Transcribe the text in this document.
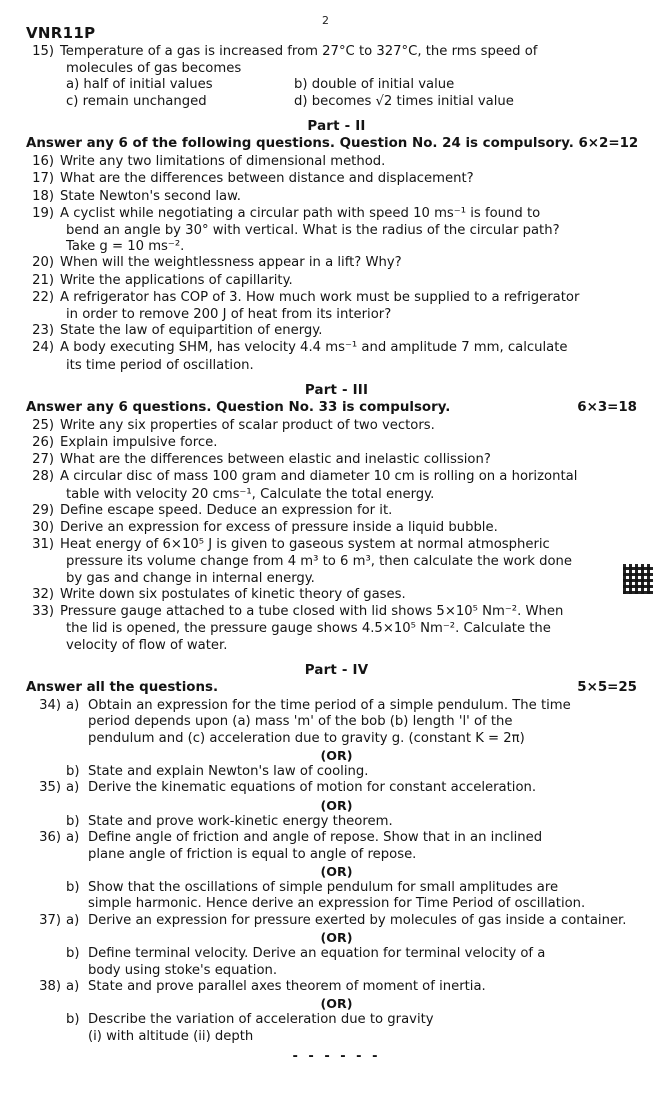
VNR11P
2
15) Temperature of a gas is increased from 27°C to 327°C, the rms speed of
molecules of gas becomes
a) half of initial values	b) double of initial value
c) remain unchanged	d) becomes √2 times initial value
Part - II
Answer any 6 of the following questions. Question No. 24 is compulsory. 6×2=12
16) Write any two limitations of dimensional method.
17) What are the differences between distance and displacement?
18) State Newton's second law.
19) A cyclist while negotiating a circular path with speed 10 ms⁻¹ is found to
bend an angle by 30° with vertical. What is the radius of the circular path?
Take g = 10 ms⁻².
20) When will the weightlessness appear in a lift? Why?
21) Write the applications of capillarity.
22) A refrigerator has COP of 3. How much work must be supplied to a refrigerator
in order to remove 200 J of heat from its interior?
23) State the law of equipartition of energy.
24) A body executing SHM, has velocity 4.4 ms⁻¹ and amplitude 7 mm, calculate
its time period of oscillation.
Part - III
Answer any 6 questions. Question No. 33 is compulsory.	6×3=18
25) Write any six properties of scalar product of two vectors.
26) Explain impulsive force.
27) What are the differences between elastic and inelastic collission?
28) A circular disc of mass 100 gram and diameter 10 cm is rolling on a horizontal
table with velocity 20 cms⁻¹, Calculate the total energy.
29) Define escape speed. Deduce an expression for it.
30) Derive an expression for excess of pressure inside a liquid bubble.
31) Heat energy of 6×10⁵ J is given to gaseous system at normal atmospheric
pressure its volume change from 4 m³ to 6 m³, then calculate the work done
by gas and change in internal energy.
32) Write down six postulates of kinetic theory of gases.
33) Pressure gauge attached to a tube closed with lid shows 5×10⁵ Nm⁻². When
the lid is opened, the pressure gauge shows 4.5×10⁵ Nm⁻². Calculate the
velocity of flow of water.
Part - IV
Answer all the questions.	5×5=25
34) a) Obtain an expression for the time period of a simple pendulum. The time
period depends upon (a) mass 'm' of the bob (b) length 'l' of the
pendulum and (c) acceleration due to gravity g. (constant K = 2π)
(OR)
b) State and explain Newton's law of cooling.
35) a) Derive the kinematic equations of motion for constant acceleration.
(OR)
b) State and prove work-kinetic energy theorem.
36) a) Define angle of friction and angle of repose. Show that in an inclined
plane angle of friction is equal to angle of repose.
(OR)
b) Show that the oscillations of simple pendulum for small amplitudes are
simple harmonic. Hence derive an expression for Time Period of oscillation.
37) a) Derive an expression for pressure exerted by molecules of gas inside a container.
(OR)
b) Define terminal velocity. Derive an equation for terminal velocity of a
body using stoke's equation.
38) a) State and prove parallel axes theorem of moment of inertia.
(OR)
b) Describe the variation of acceleration due to gravity
(i) with altitude (ii) depth
- - - - - -
